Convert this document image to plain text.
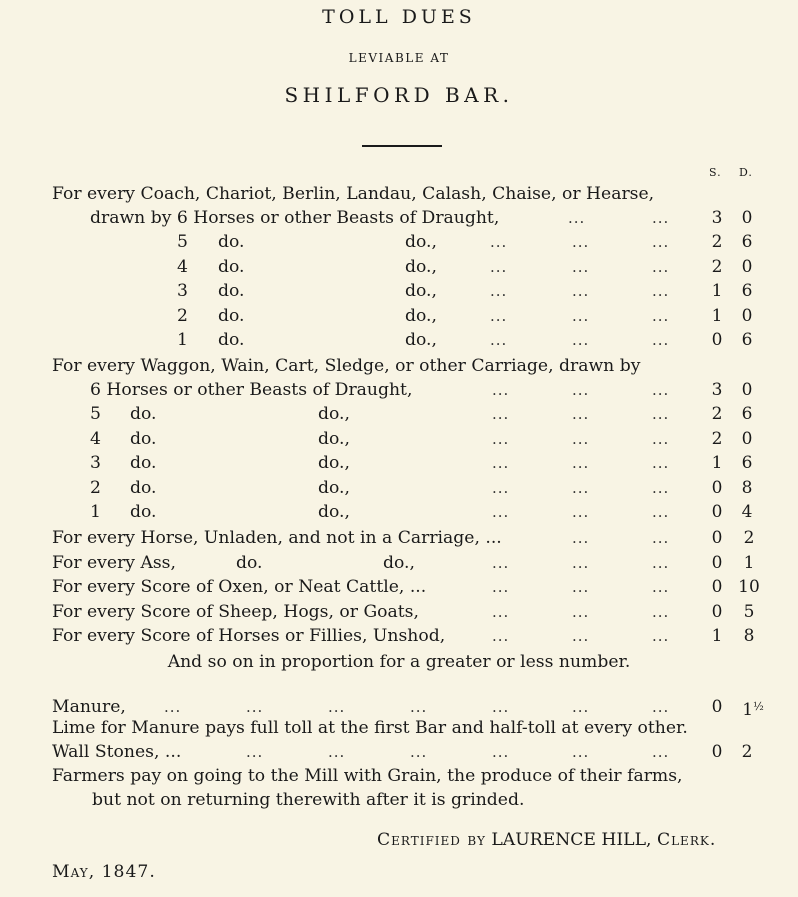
TOLL DUES
LEVIABLE AT
SHILFORD BAR.
S. D.
For every Coach, Chariot, Berlin, Landau, Calash, Chaise, or Hearse,
drawn by 6 Horses or other Beasts of Draught,	...	... 3	0
5 do.	do.,	...	...	... 2	6
4 do.	do.,	...	...	... 2	0
3 do.	do.,	...	...	... 1	6
2 do.	do.,	...	...	... 1	0
1 do.	do.,	...	...	... 0	6
For every Waggon, Wain, Cart, Sledge, or other Carriage, drawn by
6 Horses or other Beasts of Draught,	...	...	... 3	0
5 do.	do.,	...	...	... 2	6
4 do.	do.,	...	...	... 2	0
3 do.	do.,	...	...	... 1	6
2 do.	do.,	...	...	... 0	8
1 do.	do.,	...	...	... 0	4
For every Horse, Unladen, and not in a Carriage, ...	...	... 0	2
For every Ass,	do.	do.,	...	...	... 0	1
For every Score of Oxen, or Neat Cattle, ...	...	...	... 0 10
For every Score of Sheep, Hogs, or Goats,	...	...	... 0	5
For every Score of Horses or Fillies, Unshod,	...	...	... 1	8
And so on in proportion for a greater or less number.
Manure,	...	...	...	...	...	...	... 0 $1^{\frac{1}{2}}$
Lime for Manure pays full toll at the first Bar and half-toll at every other.
Wall Stones, ...	...	...	...	...	...	... 0	2
Farmers pay on going to the Mill with Grain, the produce of their farms,
but not on returning therewith after it is grinded.
Certified by LAURENCE HILL, Clerk.
May, 1847.
